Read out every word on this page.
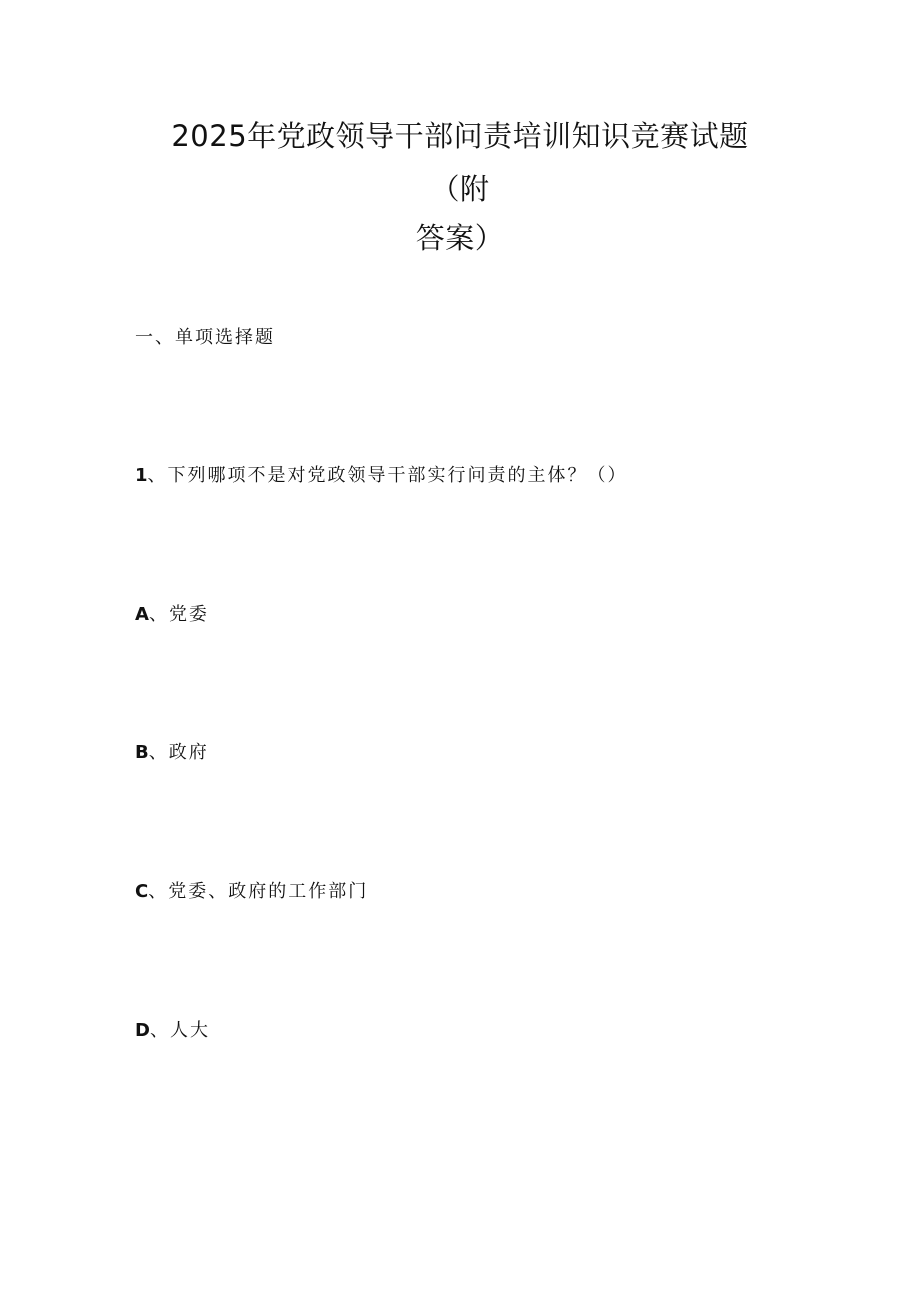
2025年党政领导干部问责培训知识竞赛试题
（附
答案）
一、单项选择题
1、下列哪项不是对党政领导干部实行问责的主体？（）
A、党委
B、政府
C、党委、政府的工作部门
D、人大
